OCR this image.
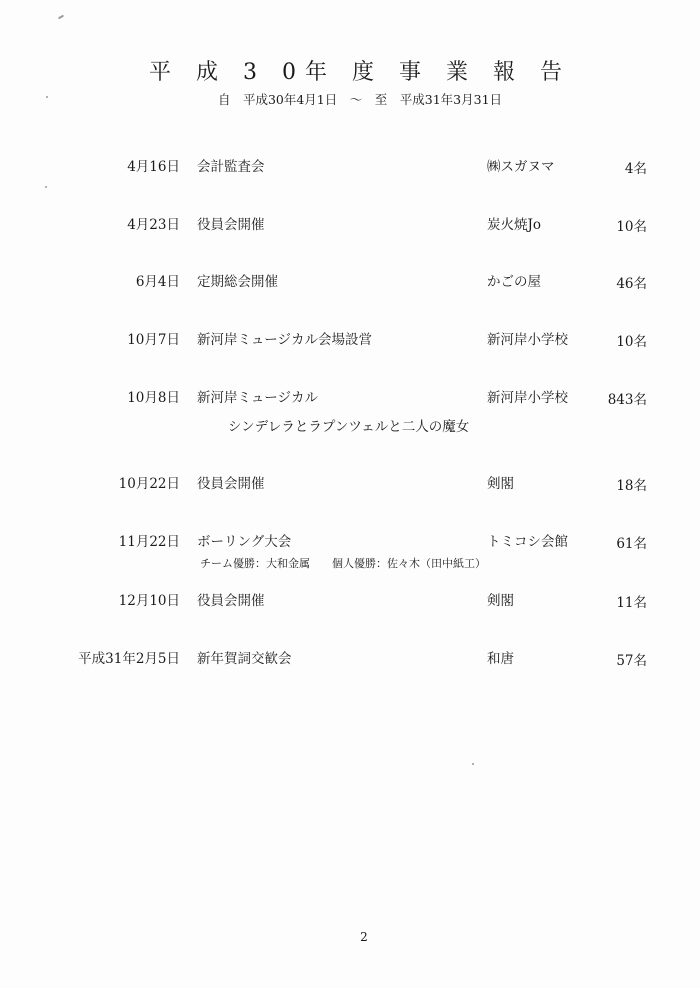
平 成 3 0年 度 事 業 報 告
自　平成30年4月1日　～　至　平成31年3月31日
4月16日 会計監査会	㈱スガヌマ	4名
4月23日 役員会開催	炭火焼Jo	10名
6月4日 定期総会開催	かごの屋	46名
10月7日 新河岸ミュージカル会場設営	新河岸小学校	10名
10月8日 新河岸ミュージカル	新河岸小学校	843名
シンデレラとラプンツェルと二人の魔女
10月22日 役員会開催	剣閣	18名
11月22日 ボーリング大会	トミコシ会館	61名
チーム優勝：大和金属　　個人優勝：佐々木（田中紙工）
12月10日 役員会開催	剣閣	11名
平成31年2月5日 新年賀詞交歓会	和唐	57名
2
